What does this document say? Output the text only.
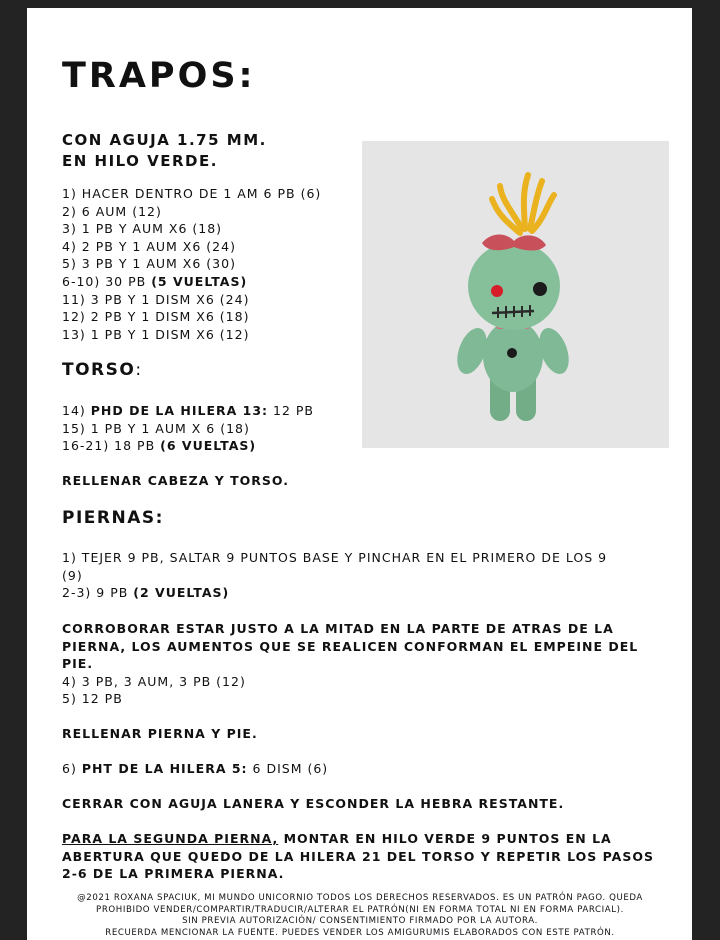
TRAPOS:
CON AGUJA 1.75 MM.
EN HILO VERDE.
1) HACER DENTRO DE 1 AM 6 PB (6)
2) 6 AUM (12)
3) 1 PB Y AUM X6 (18)
4) 2 PB Y 1 AUM X6 (24)
5) 3 PB Y 1 AUM X6 (30)
6-10) 30 PB (5 VUELTAS)
11) 3 PB Y 1 DISM X6 (24)
12) 2 PB Y 1 DISM X6 (18)
13) 1 PB Y 1 DISM X6 (12)
TORSO:
14) PHD DE LA HILERA 13: 12 PB
15) 1 PB Y 1 AUM X 6 (18)
16-21) 18 PB (6 VUELTAS)
RELLENAR CABEZA Y TORSO.
PIERNAS:
1) TEJER 9 PB, SALTAR 9 PUNTOS BASE Y PINCHAR EN EL PRIMERO DE LOS 9
(9)
2-3) 9 PB (2 VUELTAS)
CORROBORAR ESTAR JUSTO A LA MITAD EN LA PARTE DE ATRAS DE LA
PIERNA, LOS AUMENTOS QUE SE REALICEN CONFORMAN EL EMPEINE DEL
PIE.
4) 3 PB, 3 AUM, 3 PB (12)
5) 12 PB
RELLENAR PIERNA Y PIE.
6) PHT DE LA HILERA 5: 6 DISM (6)
CERRAR CON AGUJA LANERA Y ESCONDER LA HEBRA RESTANTE.
PARA LA SEGUNDA PIERNA, MONTAR EN HILO VERDE 9 PUNTOS EN LA
ABERTURA QUE QUEDO DE LA HILERA 21 DEL TORSO Y REPETIR LOS PASOS
2-6 DE LA PRIMERA PIERNA.
@2021 ROXANA SPACIUK, MI MUNDO UNICORNIO TODOS LOS DERECHOS RESERVADOS. ES UN PATRÓN PAGO. QUEDA
PROHIBIDO VENDER/COMPARTIR/TRADUCIR/ALTERAR EL PATRÓN(NI EN FORMA TOTAL NI EN FORMA PARCIAL).
SIN PREVIA AUTORIZACIÓN/ CONSENTIMIENTO FIRMADO POR LA AUTORA.
RECUERDA MENCIONAR LA FUENTE. PUEDES VENDER LOS AMIGURUMIS ELABORADOS CON ESTE PATRÓN.
